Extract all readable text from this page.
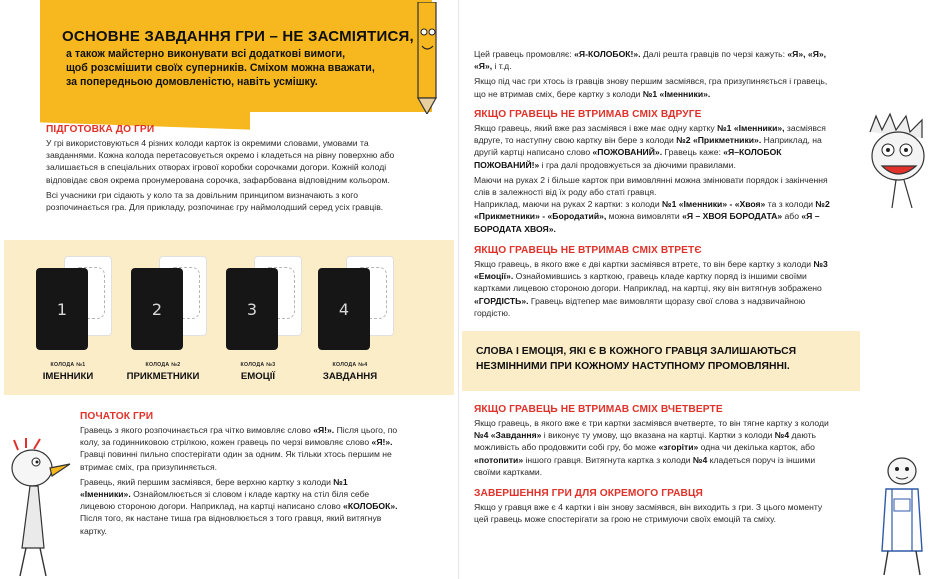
ОСНОВНЕ ЗАВДАННЯ ГРИ – НЕ ЗАСМІЯТИСЯ,
а також майстерно виконувати всі додаткові вимоги,
щоб розсмішити своїх суперників. Сміхом можна вважати,
за попередньою домовленістю, навіть усмішку.
ПІДГОТОВКА ДО ГРИ

У грі використовуються 4 різних колоди карток із окремими словами, умовами та завданнями. Кожна колода перетасовується окремо і кладеться на рівну поверхню або залишається в спеціальних отворах ігрової коробки сорочками догори. Кожній колоді відповідає своя окрема пронумерована сорочка, зафарбована відповідним кольором.

Всі учасники гри сідають у коло та за довільним принципом визначають з кого розпочинається гра. Для прикладу, розпочинає гру наймолодший серед усіх гравців.

1
КОЛОДА №1
ІМЕННИКИ
2
КОЛОДА №2
ПРИКМЕТНИКИ
3
КОЛОДА №3
ЕМОЦІЇ
4
КОЛОДА №4
ЗАВДАННЯ
ПОЧАТОК ГРИ

Гравець з якого розпочинається гра чітко вимовляє слово «Я!». Після цього, по колу, за годинниковою стрілкою, кожен гравець по черзі вимовляє слово «Я!». Гравці повинні пильно спостерігати один за одним. Як тільки хтось першим не втримає сміх, гра призупиняється.

Гравець, який першим засміявся, бере верхню картку з колоди №1 «Іменники». Ознайомлюється зі словом і кладе картку на стіл біля себе лицевою стороною догори. Наприклад, на картці написано слово «КОЛОБОК». Після того, як настане тиша гра відновлюється з того гравця, який витягнув картку.

Цей гравець промовляє: «Я-КОЛОБОК!». Далі решта гравців по черзі кажуть: «Я», «Я», «Я», і т.д.

Якщо під час гри хтось із гравців знову першим засміявся, гра призупиняється і гравець, що не втримав сміх, бере картку з колоди №1 «Іменники».

ЯКЩО ГРАВЕЦЬ НЕ ВТРИМАВ СМІХ ВДРУГЕ

Якщо гравець, який вже раз засміявся і вже має одну картку №1 «Іменники», засміявся вдруге, то наступну свою картку він бере з колоди №2 «Прикметники». Наприклад, на другій картці написано слово «ПОЖОВАНИЙ». Гравець каже: «Я–КОЛОБОК ПОЖОВАНИЙ!» і гра далі продовжується за діючими правилами.

Маючи на руках 2 і більше карток при вимовлянні можна змінювати порядок і закінчення слів в залежності від їх роду або статі гравця.

Наприклад, маючи на руках 2 картки: з колоди №1 «Іменники» - «Хвоя» та з колоди №2 «Прикметники» - «Бородатий», можна вимовляти «Я – ХВОЯ БОРОДАТА» або «Я – БОРОДАТА ХВОЯ».

ЯКЩО ГРАВЕЦЬ НЕ ВТРИМАВ СМІХ ВТРЕТЄ

Якщо гравець, в якого вже є дві картки засміявся втретє, то він бере картку з колоди №3 «Емоції». Ознайомившись з карткою, гравець кладе картку поряд із іншими своїми картками лицевою стороною догори. Наприклад, на картці, яку він витягнув зображено «ГОРДІСТЬ». Гравець відтепер має вимовляти щоразу свої слова з надзвичайною гордістю.

СЛОВА І ЕМОЦІЯ, ЯКІ Є В КОЖНОГО ГРАВЦЯ ЗАЛИШАЮТЬСЯ НЕЗМІННИМИ ПРИ КОЖНОМУ НАСТУПНОМУ ПРОМОВЛЯННІ.
ЯКЩО ГРАВЕЦЬ НЕ ВТРИМАВ СМІХ ВЧЕТВЕРТЕ

Якщо гравець, в якого вже є три картки засміявся вчетверте, то він тягне картку з колоди №4 «Завдання» і виконує ту умову, що вказана на картці. Картки з колоди №4 дають можливість або продовжити собі гру, бо може «згоріти» одна чи декілька карток, або «потопити» іншого гравця. Витягнута картка з колоди №4 кладеться поруч із іншими своїми картками.

ЗАВЕРШЕННЯ ГРИ ДЛЯ ОКРЕМОГО ГРАВЦЯ

Якщо у гравця вже є 4 картки і він знову засміявся, він виходить з гри. З цього моменту цей гравець може спостерігати за грою не стримуючи своїх емоцій та сміху.
